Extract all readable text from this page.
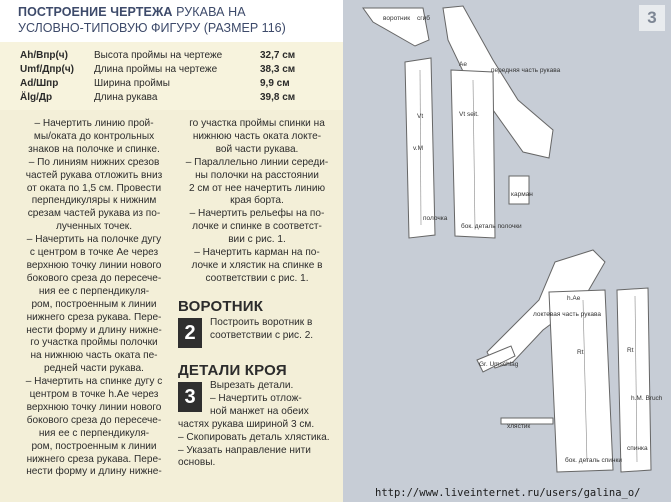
ПОСТРОЕНИЕ ЧЕРТЕЖА РУКАВА НА
УСЛОВНО-ТИПОВУЮ ФИГУРУ (РАЗМЕР 116)
Ah/Впр(ч)	Высота проймы на чертеже	32,7 см
Umf/Дпр(ч)	Длина проймы на чертеже	38,3 см
Ad/Шпр	Ширина проймы	9,9 см
Älg/Др	Длина рукава	39,8 см

– Начертить линию прой-

мы/оката до контрольных

знаков на полочке и спинке.

– По линиям нижних срезов

частей рукава отложить вниз

от оката по 1,5 см. Провести

перпендикуляры к нижним

срезам частей рукава из по-

лученных точек.

– Начертить на полочке дугу

с центром в точке Ae через

верхнюю точку линии нового

бокового среза до пересече-

ния ее с перпендикуля-

ром, построенным к линии

нижнего среза рукава. Пере-

нести форму и длину нижне-

го участка проймы полочки

на нижнюю часть оката пе-

редней части рукава.

– Начертить на спинке дугу с

центром в точке h.Ae через

верхнюю точку линии нового

бокового среза до пересече-

ния ее с перпендикуля-

ром, построенным к линии

нижнего среза рукава. Пере-

нести форму и длину нижне-

го участка проймы спинки на

нижнюю часть оката локте-

вой части рукава.

– Параллельно линии середи-

ны полочки на расстоянии

2 см от нее начертить линию

края борта.

– Начертить рельефы на по-

лочке и спинке в соответст-

вии с рис. 1.

– Начертить карман на по-

лочке и хлястик на спинке в

соответствии с рис. 1.

ВОРОТНИК
2	Построить воротник в

соответствии с рис. 2.

ДЕТАЛИ КРОЯ
3

Вырезать детали.

– Начертить отлож-

ной манжет на обеих

частях рукава шириной 3 см.

– Скопировать деталь хлястика.

– Указать направление нити

основы.

3
воротник сгиб
Ae
передняя часть рукава
Vt	Vt seit.
v.M
полочка
бок. деталь полочки
карман
h.Ae
локтевая часть рукава
Rt	Rt
h.M. Bruch
хлястик
спинка
бок. деталь спинки
Gr. Umschlag
http://www.liveinternet.ru/users/galina_o/
